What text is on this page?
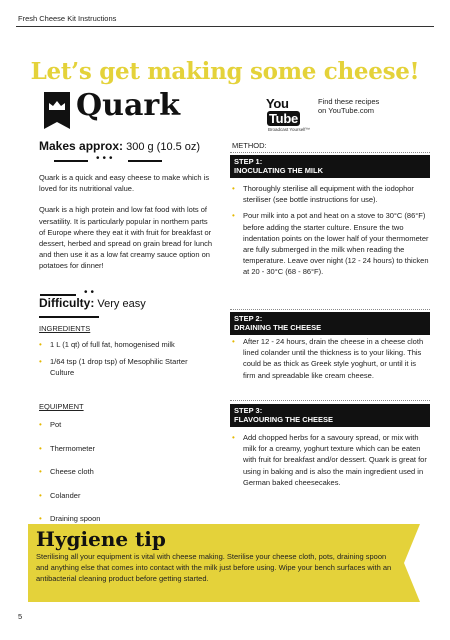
Fresh Cheese Kit Instructions
Let’s get making some cheese!
Quark	YouTube
Broadcast Yourself™
Find these recipes
on YouTube.com
Makes approx: 300 g (10.5 oz)
•••

Quark is a quick and easy cheese to make which is loved for its nutritional value.

Quark is a high protein and low fat food with lots of versatility. It is particularly popular in northern parts of Europe where they eat it with fruit for breakfast or dessert, herbed and spread on grain bread for lunch and then use it as a low fat creamy sauce option on potatoes for dinner!

••
Difficulty: Very easy
INGREDIENTS
• 1 L (1 qt) of full fat, homogenised milk
• 1/64 tsp (1 drop tsp) of Mesophilic Starter Culture
EQUIPMENT
• Pot
• Thermometer
• Cheese cloth
• Colander
• Draining spoon
METHOD:
STEP 1:
INOCULATING THE MILK
• Thoroughly sterilise all equipment with the iodophor steriliser (see bottle instructions for use).
• Pour milk into a pot and heat on a stove to 30°C (86°F) before adding the starter culture. Ensure the two indentation points on the lower half of your thermometer are fully submerged in the milk when reading the temperature. Leave over night (12 - 24 hours) to thicken at 20 - 30°C (68 - 86°F).
STEP 2:
DRAINING THE CHEESE
• After 12 - 24 hours, drain the cheese in a cheese cloth lined colander until the thickness is to your liking. This could be as thick as Greek style yoghurt, or until it is firm and spreadable like cream cheese.
STEP 3:
FLAVOURING THE CHEESE
• Add chopped herbs for a savoury spread, or mix with milk for a creamy, yoghurt texture which can be eaten with fruit for breakfast and/or dessert. Quark is great for using in baking and is also the main ingredient used in German baked cheesecakes.
Hygiene tip
Sterilising all your equipment is vital with cheese making. Sterilise your cheese cloth, pots, draining spoon and anything else that comes into contact with the milk just before using. Wipe your bench surfaces with an antibacterial cleaning product before getting started.
5
